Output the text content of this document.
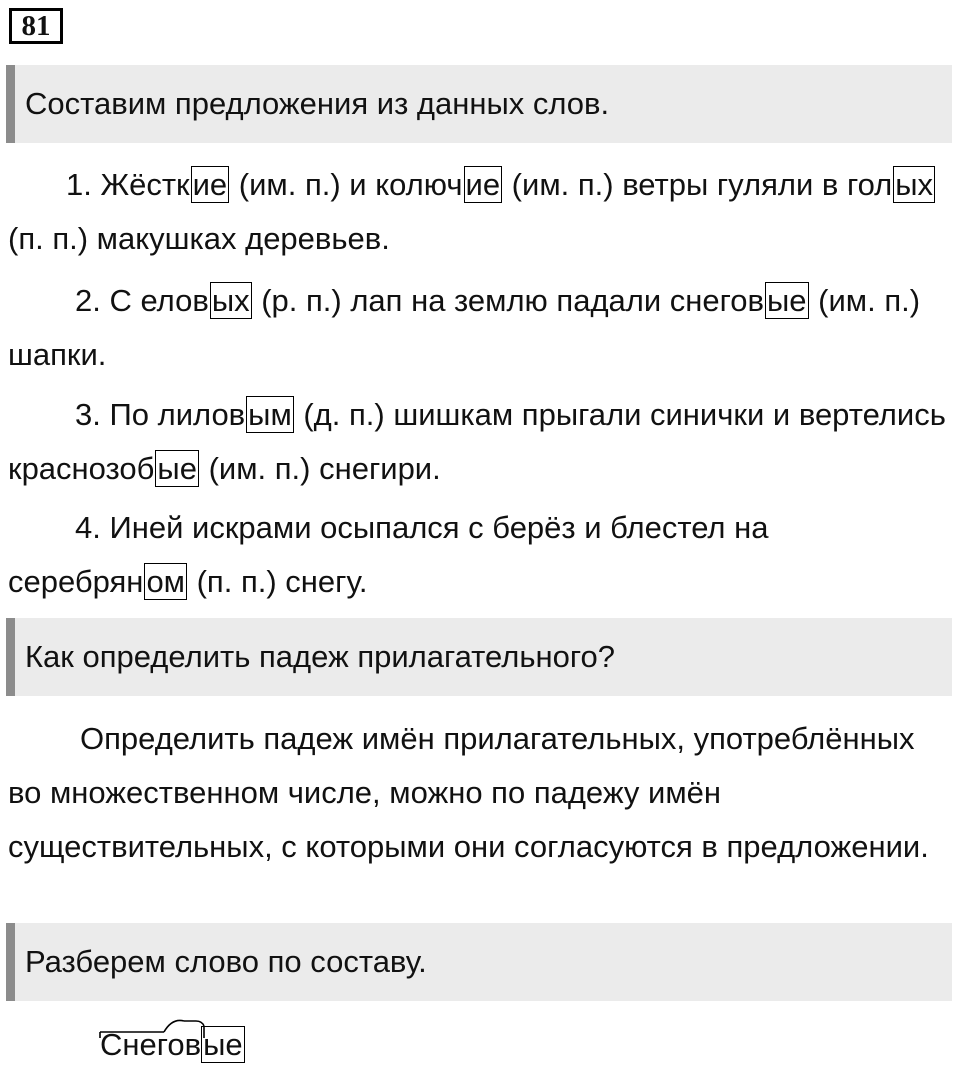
81
Составим предложения из данных слов.

1. Жёсткие (им. п.) и колючие (им. п.) ветры гуляли в голых (п. п.) макушках деревьев.

2. С еловых (р. п.) лап на землю падали снеговые (им. п.) шапки.

3. По лиловым (д. п.) шишкам прыгали синички и вертелись краснозобые (им. п.) снегири.

4. Иней искрами осыпался с берёз и блестел на серебряном (п. п.) снегу.

Как определить падеж прилагательного?

Определить падеж имён прилагательных, употреблённых во множественном числе, можно по падежу имён существительных, с которыми они согласуются в предложении.

Разберем слово по составу.
Снеговые
